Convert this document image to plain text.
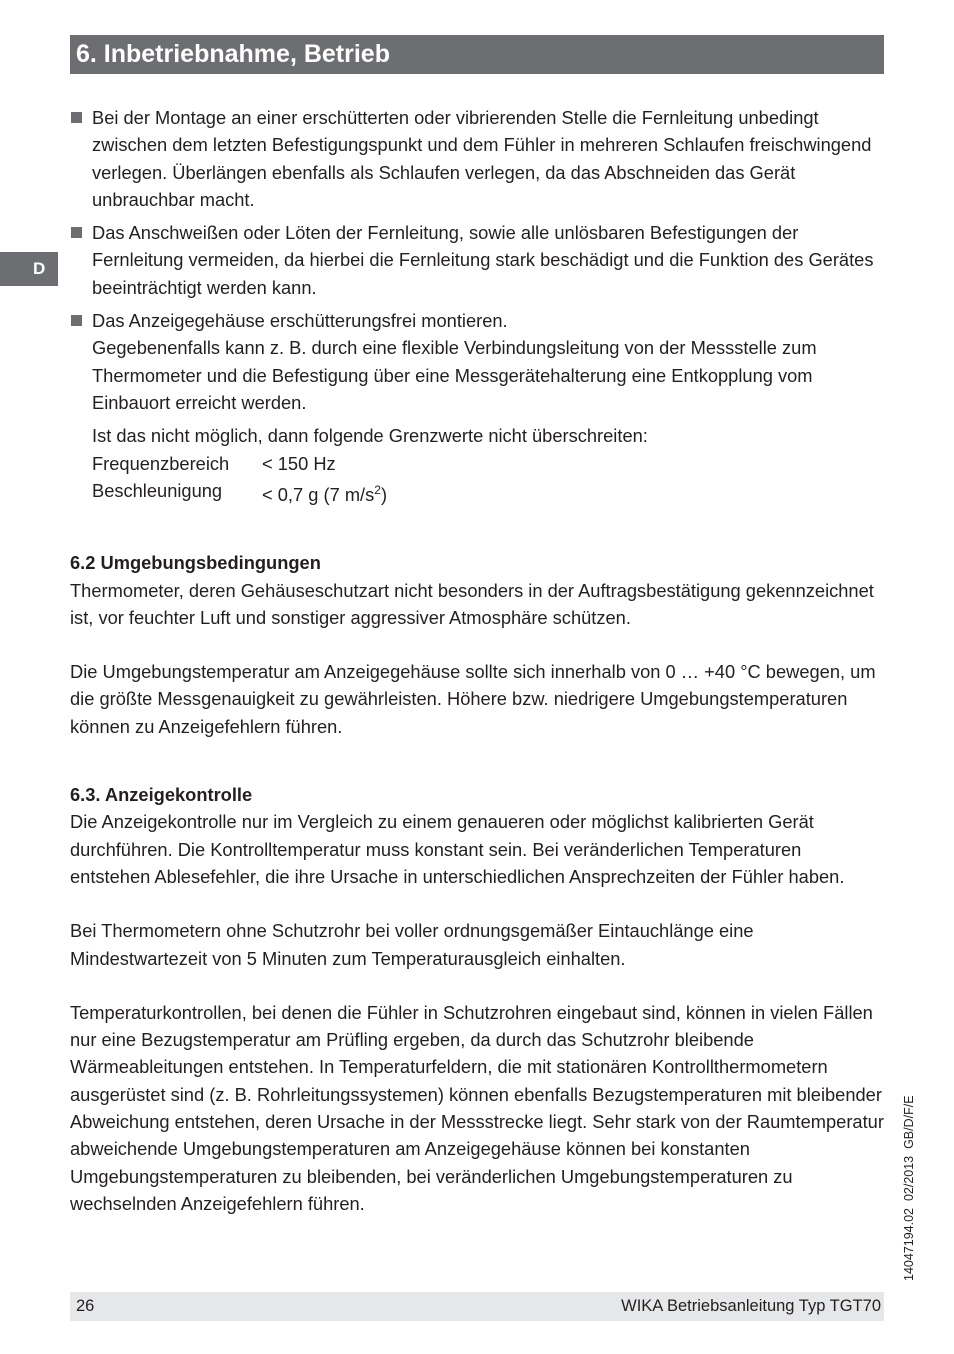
6. Inbetriebnahme, Betrieb
D

Bei der Montage an einer erschütterten oder vibrierenden Stelle die Fernleitung unbedingt zwischen dem letzten Befestigungspunkt und dem Fühler in mehreren Schlaufen freischwingend verlegen. Überlängen ebenfalls als Schlaufen verlegen, da das Abschneiden das Gerät unbrauchbar macht.

Das Anschweißen oder Löten der Fernleitung, sowie alle unlösbaren Befestigungen der Fernleitung vermeiden, da hierbei die Fernleitung stark beschädigt und die Funktion des Gerätes beeinträchtigt werden kann.

Das Anzeigegehäuse erschütterungsfrei montieren.

Gegebenenfalls kann z. B. durch eine flexible Verbindungsleitung von der Messstelle zum Thermometer und die Befestigung über eine Messgerätehalterung eine Entkopplung vom Einbauort erreicht werden.

Ist das nicht möglich, dann folgende Grenzwerte nicht überschreiten:

Frequenzbereich	< 150 Hz
Beschleunigung	< 0,7 g (7 $m/s^2$)

6.2 Umgebungsbedingungen

Thermometer, deren Gehäuseschutzart nicht besonders in der Auftragsbestätigung gekennzeichnet ist, vor feuchter Luft und sonstiger aggressiver Atmosphäre schützen.

Die Umgebungstemperatur am Anzeigegehäuse sollte sich innerhalb von 0 … +40 °C bewegen, um die größte Messgenauigkeit zu gewährleisten. Höhere bzw. niedrigere Umgebungstemperaturen können zu Anzeigefehlern führen.

6.3. Anzeigekontrolle

Die Anzeigekontrolle nur im Vergleich zu einem genaueren oder möglichst kalibrierten Gerät durchführen. Die Kontrolltemperatur muss konstant sein. Bei veränderlichen Temperaturen entstehen Ablesefehler, die ihre Ursache in unterschiedlichen Ansprechzeiten der Fühler haben.

Bei Thermometern ohne Schutzrohr bei voller ordnungsgemäßer Eintauchlänge eine Mindestwartezeit von 5 Minuten zum Temperaturausgleich einhalten.

Temperaturkontrollen, bei denen die Fühler in Schutzrohren eingebaut sind, können in vielen Fällen nur eine Bezugstemperatur am Prüfling ergeben, da durch das Schutzrohr bleibende Wärmeableitungen entstehen. In Temperaturfeldern, die mit stationären Kontrollthermometern ausgerüstet sind (z. B. Rohrleitungssystemen) können ebenfalls Bezugstemperaturen mit bleibender Abweichung entstehen, deren Ursache in der Messstrecke liegt. Sehr stark von der Raumtemperatur abweichende Umgebungstemperaturen am Anzeigegehäuse können bei konstanten Umgebungstemperaturen zu bleibenden, bei veränderlichen Umgebungstemperaturen zu wechselnden Anzeigefehlern führen.	14047194.02  02/2013  GB/D/F/E
26	WIKA Betriebsanleitung Typ TGT70
